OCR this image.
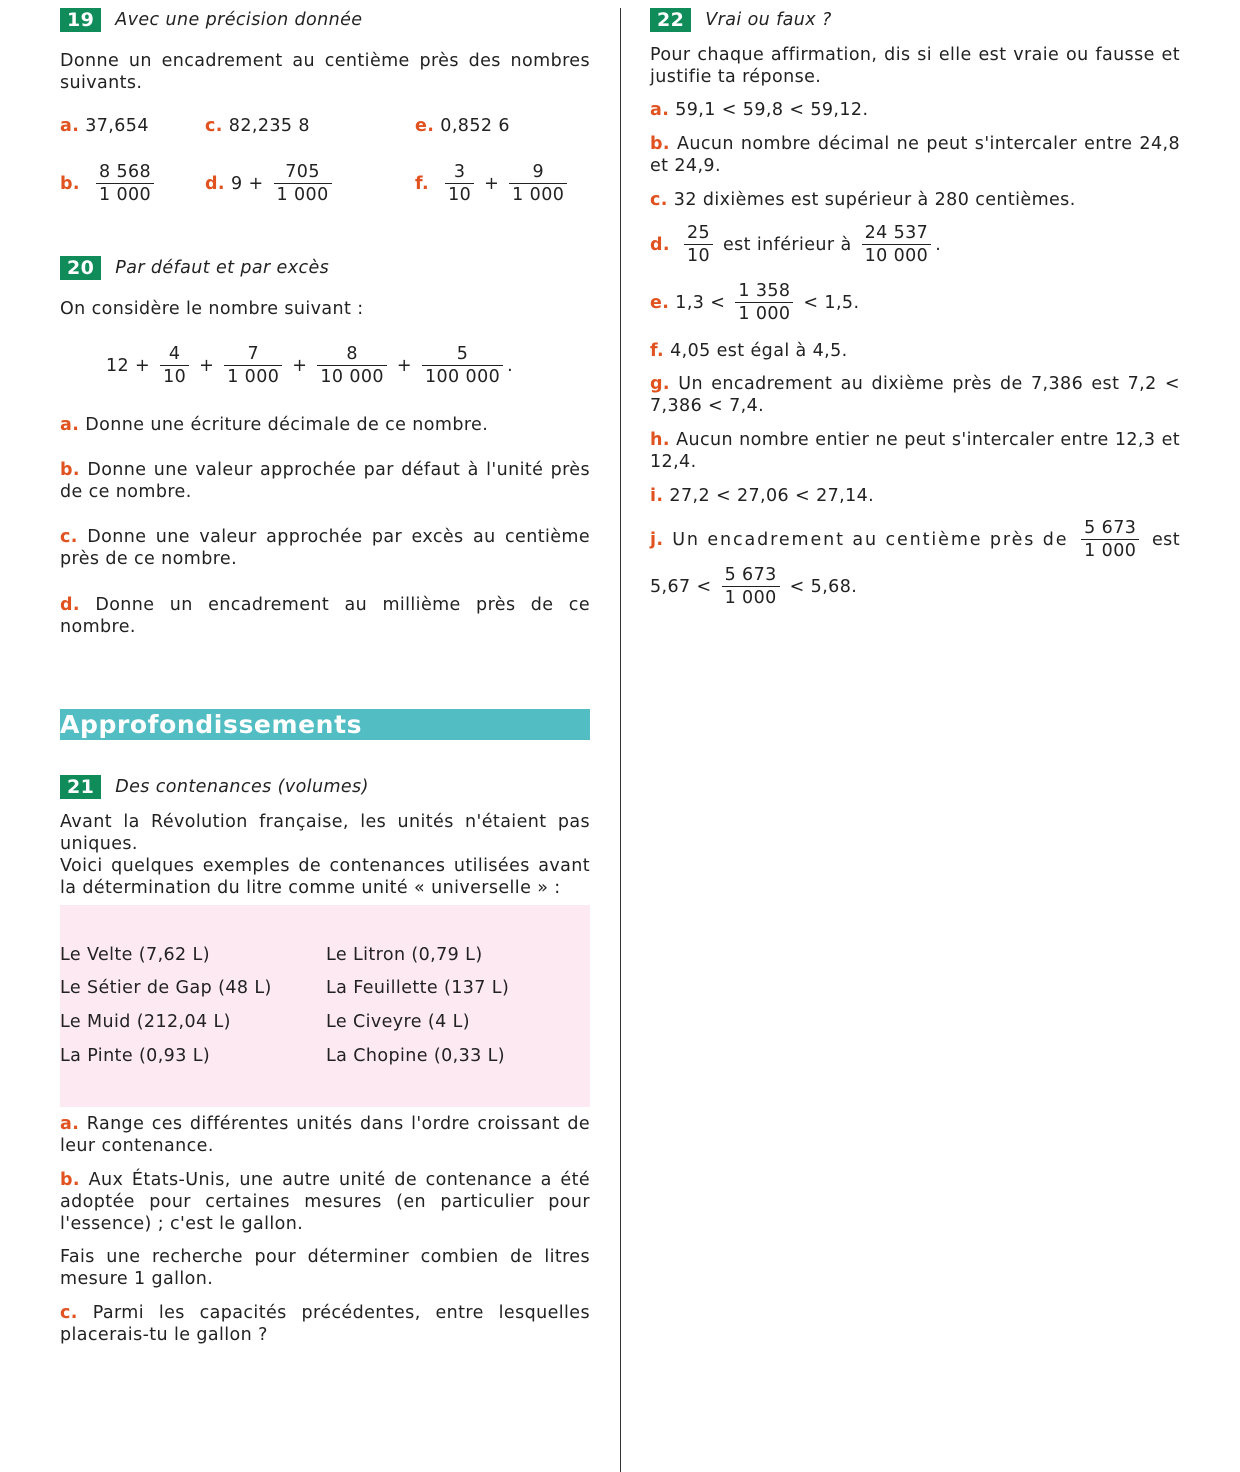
19	Avec une précision donnée
Donne un encadrement au centième près des nombres suivants.
a. 37,654	c. 82,235 8	e. 0,852 6
b. $\frac{8 568}{1 000}$	d. $9 + \frac{705}{1 000}$	f. $\frac{3}{10} + \frac{9}{1 000}$
20	Par défaut et par excès
On considère le nombre suivant :
$12 + \frac{4}{10} + \frac{7}{1 000} + \frac{8}{10 000} + \frac{5}{100 000}$ .
a. Donne une écriture décimale de ce nombre.
b. Donne une valeur approchée par défaut à l'unité près de ce nombre.
c. Donne une valeur approchée par excès au centième près de ce nombre.
d. Donne un encadrement au millième près de ce nombre.
Approfondissements
21	Des contenances (volumes)
Avant la Révolution française, les unités n'étaient pas uniques.
Voici quelques exemples de contenances utilisées avant la détermination du litre comme unité « universelle » :
Le Velte (7,62 L)	Le Litron (0,79 L)
Le Sétier de Gap (48 L)	La Feuillette (137 L)
Le Muid (212,04 L)	Le Civeyre (4 L)
La Pinte (0,93 L)	La Chopine (0,33 L)
a. Range ces différentes unités dans l'ordre croissant de leur contenance.
b. Aux États-Unis, une autre unité de contenance a été adoptée pour certaines mesures (en particulier pour l'essence) ; c'est le gallon.
Fais une recherche pour déterminer combien de litres mesure 1 gallon.
c. Parmi les capacités précédentes, entre lesquelles placerais-tu le gallon ?
22	Vrai ou faux ?
Pour chaque affirmation, dis si elle est vraie ou fausse et justifie ta réponse.
a. 59,1 < 59,8 < 59,12.
b. Aucun nombre décimal ne peut s'intercaler entre 24,8 et 24,9.
c. 32 dixièmes est supérieur à 280 centièmes.
d. $\frac{25}{10}$ est inférieur à $\frac{24 537}{10 000}$ .
e. $1,3 < \frac{1 358}{1 000} < 1,5$.
f. 4,05 est égal à 4,5.
g. Un encadrement au dixième près de 7,386 est 7,2 < 7,386 < 7,4.
h. Aucun nombre entier ne peut s'intercaler entre 12,3 et 12,4.
i. 27,2 < 27,06 < 27,14.
j. Un encadrement au centième près de $\frac{5 673}{1 000}$ est
$5,67 < \frac{5 673}{1 000} < 5,68$.
